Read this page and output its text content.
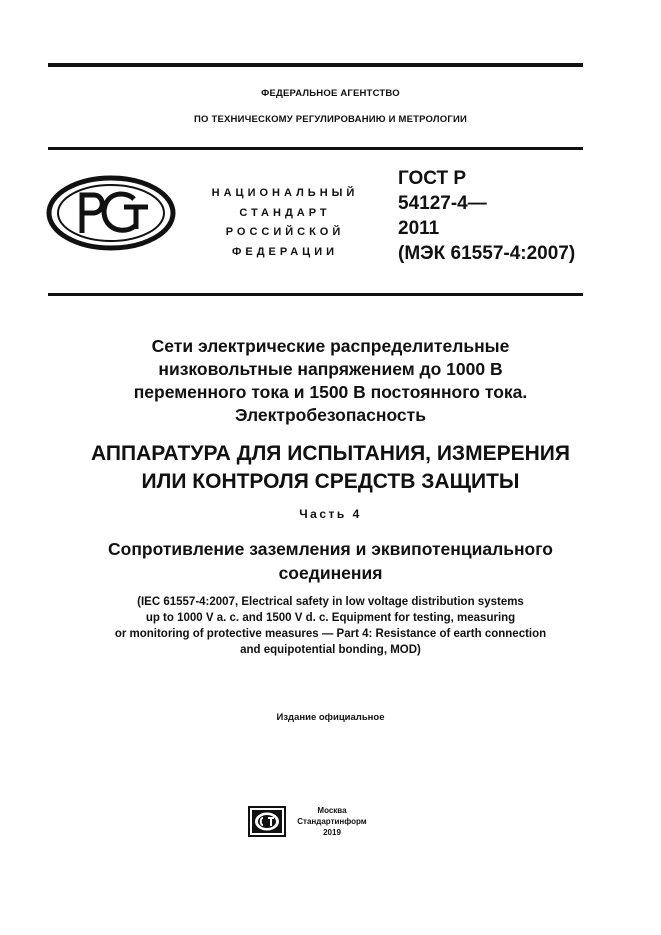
ФЕДЕРАЛЬНОЕ АГЕНТСТВО
ПО ТЕХНИЧЕСКОМУ РЕГУЛИРОВАНИЮ И МЕТРОЛОГИИ
НАЦИОНАЛЬНЫЙ
СТАНДАРТ
РОССИЙСКОЙ
ФЕДЕРАЦИИ
ГОСТ Р
54127-4—
2011
(МЭК 61557-4:2007)
Сети электрические распределительные
низковольтные напряжением до 1000 В
переменного тока и 1500 В постоянного тока.
Электробезопасность
АППАРАТУРА ДЛЯ ИСПЫТАНИЯ, ИЗМЕРЕНИЯ
ИЛИ КОНТРОЛЯ СРЕДСТВ ЗАЩИТЫ
Часть 4
Сопротивление заземления и эквипотенциального
соединения
(IEC 61557-4:2007, Electrical safety in low voltage distribution systems
up to 1000 V a. c. and 1500 V d. c. Equipment for testing, measuring
or monitoring of protective measures — Part 4: Resistance of earth connection
and equipotential bonding, MOD)
Издание официальное
Москва
Стандартинформ
2019
